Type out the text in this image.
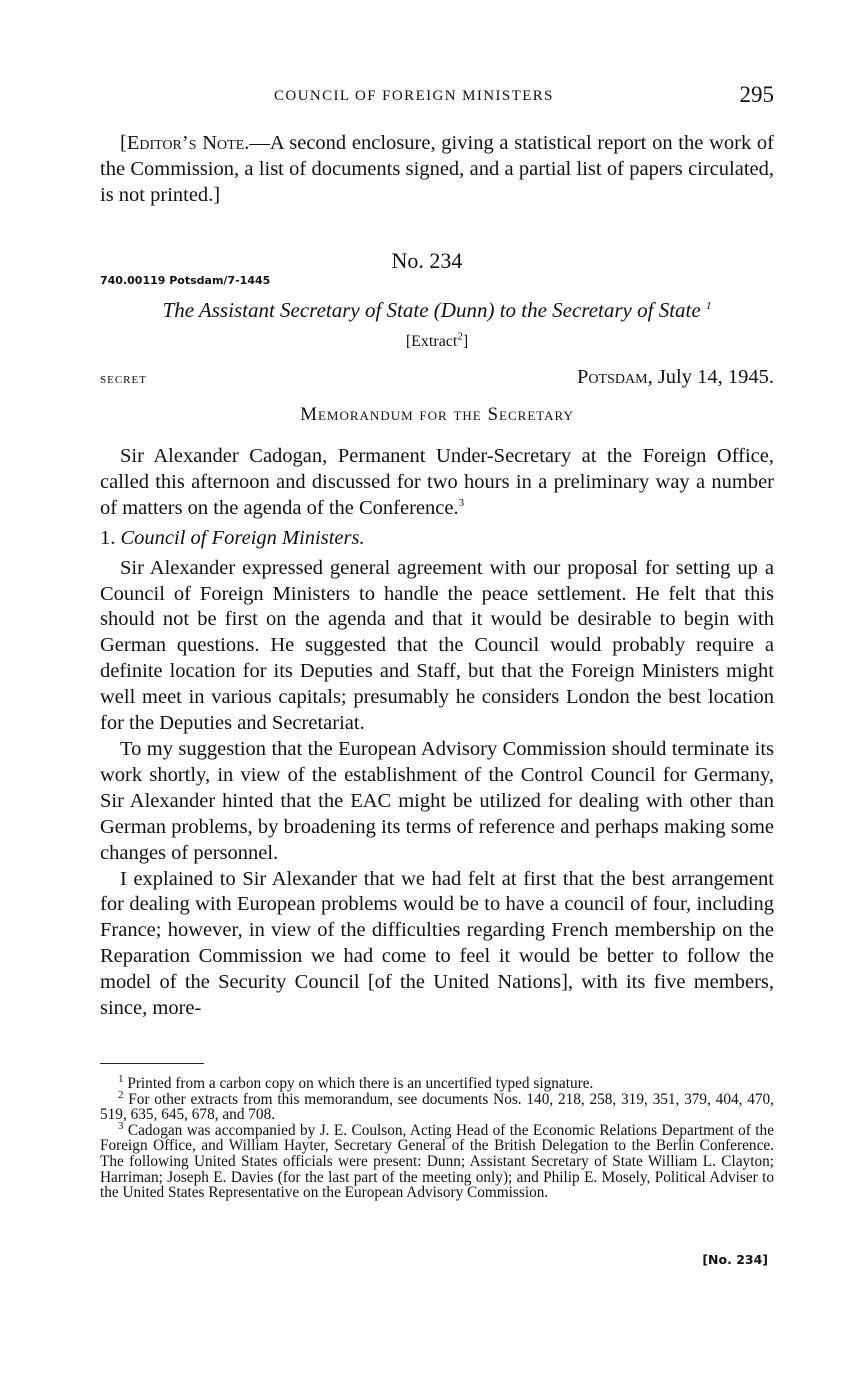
COUNCIL OF FOREIGN MINISTERS	295

[Editor’s Note.—A second enclosure, giving a statistical report on the work of the Commission, a list of documents signed, and a partial list of papers circulated, is not printed.]

No. 234
740.00119 Potsdam/7-1445
The Assistant Secretary of State (Dunn) to the Secretary of State $^1$
[Extract$^2$]
secret	Potsdam, July 14, 1945.
Memorandum for the Secretary

Sir Alexander Cadogan, Permanent Under-Secretary at the Foreign Office, called this afternoon and discussed for two hours in a preliminary way a number of matters on the agenda of the Conference.$^3$

1. Council of Foreign Ministers.

Sir Alexander expressed general agreement with our proposal for setting up a Council of Foreign Ministers to handle the peace settlement. He felt that this should not be first on the agenda and that it would be desirable to begin with German questions. He suggested that the Council would probably require a definite location for its Deputies and Staff, but that the Foreign Ministers might well meet in various capitals; presumably he considers London the best location for the Deputies and Secretariat.

To my suggestion that the European Advisory Commission should terminate its work shortly, in view of the establishment of the Control Council for Germany, Sir Alexander hinted that the EAC might be utilized for dealing with other than German problems, by broadening its terms of reference and perhaps making some changes of personnel.

I explained to Sir Alexander that we had felt at first that the best arrangement for dealing with European problems would be to have a council of four, including France; however, in view of the difficulties regarding French membership on the Reparation Commission we had come to feel it would be better to follow the model of the Security Council [of the United Nations], with its five members, since, more-

$^1$ Printed from a carbon copy on which there is an uncertified typed signature.

$^2$ For other extracts from this memorandum, see documents Nos. 140, 218, 258, 319, 351, 379, 404, 470, 519, 635, 645, 678, and 708.

$^3$ Cadogan was accompanied by J. E. Coulson, Acting Head of the Economic Relations Department of the Foreign Office, and William Hayter, Secretary General of the British Delegation to the Berlin Conference. The following United States officials were present: Dunn; Assistant Secretary of State William L. Clayton; Harriman; Joseph E. Davies (for the last part of the meeting only); and Philip E. Mosely, Political Adviser to the United States Representative on the European Advisory Commission.

[No. 234]
